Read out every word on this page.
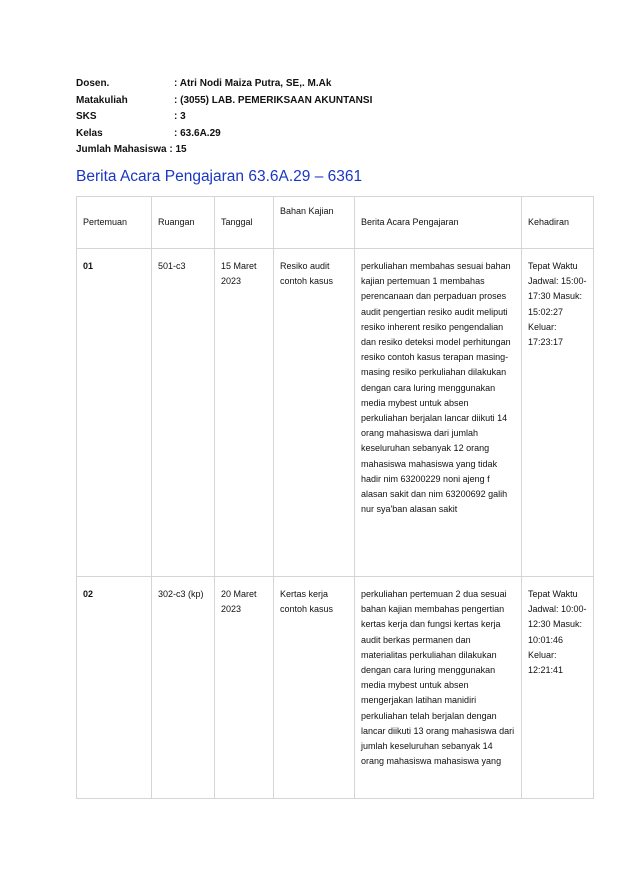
Dosen.	: Atri Nodi Maiza Putra, SE,. M.Ak
Matakuliah	: (3055) LAB. PEMERIKSAAN AKUNTANSI
SKS	: 3
Kelas	: 63.6A.29
Jumlah Mahasiswa : 15
Berita Acara Pengajaran 63.6A.29 – 6361
Pertemuan	Ruangan	Tanggal	Bahan Kajian	Berita Acara Pengajaran	Kehadiran
01	501-c3	15 Maret 2023	Resiko audit contoh kasus	perkuliahan membahas sesuai bahan kajian pertemuan 1 membahas perencanaan dan perpaduan proses audit pengertian resiko audit meliputi resiko inherent resiko pengendalian dan resiko deteksi model perhitungan resiko contoh kasus terapan masing-masing resiko perkuliahan dilakukan dengan cara luring menggunakan media mybest untuk absen perkuliahan berjalan lancar diikuti 14 orang mahasiswa dari jumlah keseluruhan sebanyak 12 orang mahasiswa mahasiswa yang tidak hadir nim 63200229 noni ajeng f alasan sakit dan nim 63200692 galih nur sya'ban alasan sakit	Tepat Waktu Jadwal: 15:00-17:30 Masuk: 15:02:27 Keluar: 17:23:17
02	302-c3 (kp)	20 Maret 2023	Kertas kerja contoh kasus	perkuliahan pertemuan 2 dua sesuai bahan kajian membahas pengertian kertas kerja dan fungsi kertas kerja audit berkas permanen dan materialitas perkuliahan dilakukan dengan cara luring menggunakan media mybest untuk absen mengerjakan latihan manidiri perkuliahan telah berjalan dengan lancar diikuti 13 orang mahasiswa dari jumlah keseluruhan sebanyak 14 orang mahasiswa mahasiswa yang	Tepat Waktu Jadwal: 10:00-12:30 Masuk: 10:01:46 Keluar: 12:21:41
